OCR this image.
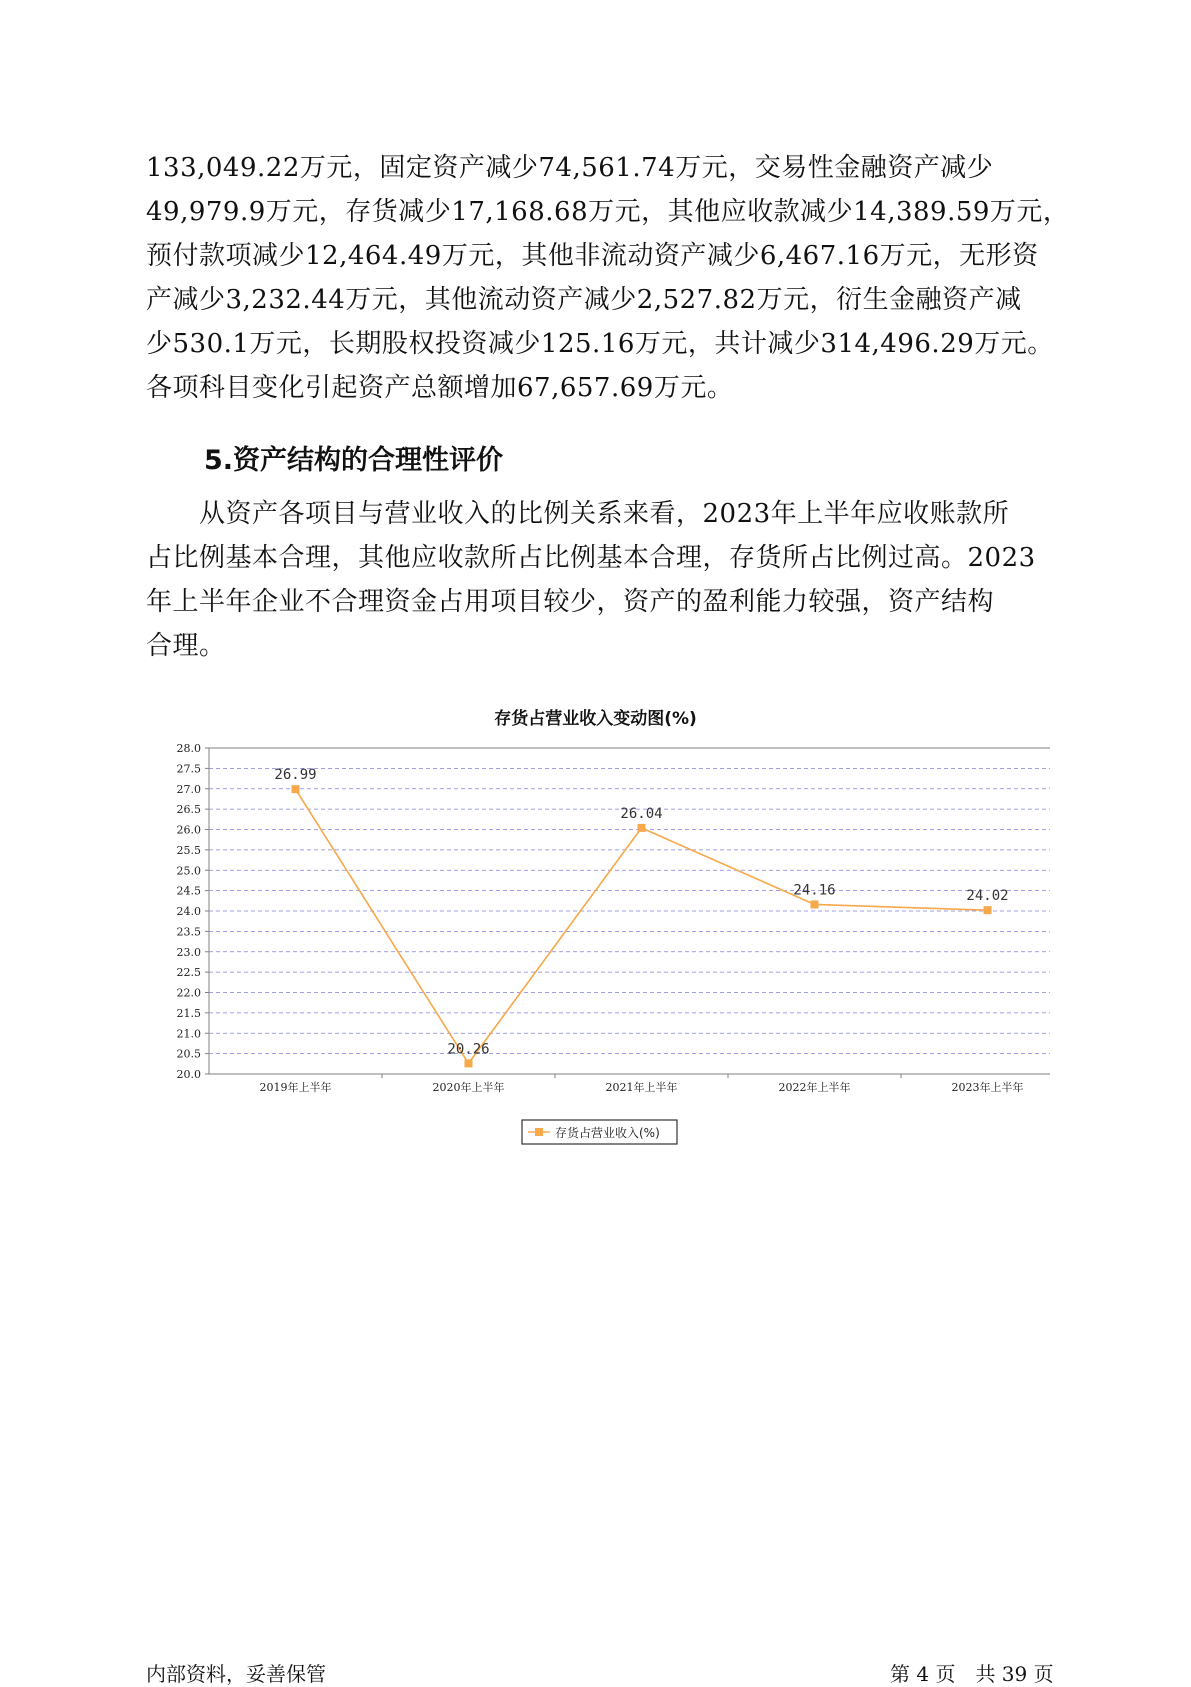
133,049.22万元，固定资产减少74,561.74万元，交易性金融资产减少
49,979.9万元，存货减少17,168.68万元，其他应收款减少14,389.59万元，
预付款项减少12,464.49万元，其他非流动资产减少6,467.16万元，无形资
产减少3,232.44万元，其他流动资产减少2,527.82万元，衍生金融资产减
少530.1万元，长期股权投资减少125.16万元，共计减少314,496.29万元。
各项科目变化引起资产总额增加67,657.69万元。
5.资产结构的合理性评价
　　从资产各项目与营业收入的比例关系来看，2023年上半年应收账款所
占比例基本合理，其他应收款所占比例基本合理，存货所占比例过高。2023
年上半年企业不合理资金占用项目较少，资产的盈利能力较强，资产结构
合理。
存货占营业收入变动图(%)
20.0
20.5
21.0
21.5
22.0
22.5
23.0
23.5
24.0
24.5
25.0
25.5
26.0
26.5
27.0
27.5
28.0
2019年上半年	2020年上半年	2021年上半年	2022年上半年	2023年上半年
26.99
20.26
26.04
24.16	24.02
存货占营业收入(%)
内部资料，妥善保管	第 4 页　共 39 页
